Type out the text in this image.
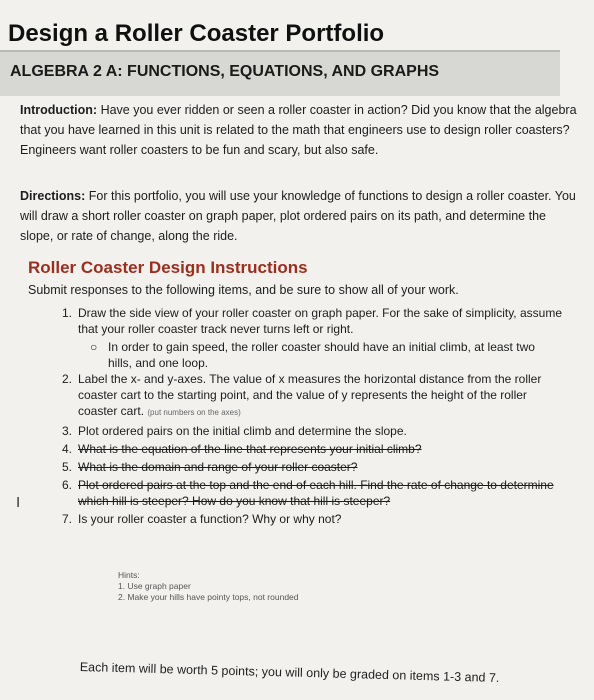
Design a Roller Coaster Portfolio
ALGEBRA 2 A: FUNCTIONS, EQUATIONS, AND GRAPHS
Introduction: Have you ever ridden or seen a roller coaster in action? Did you know that the algebra that you have learned in this unit is related to the math that engineers use to design roller coasters? Engineers want roller coasters to be fun and scary, but also safe.
Directions: For this portfolio, you will use your knowledge of functions to design a roller coaster. You will draw a short roller coaster on graph paper, plot ordered pairs on its path, and determine the slope, or rate of change, along the ride.
Roller Coaster Design Instructions
Submit responses to the following items, and be sure to show all of your work.
1. Draw the side view of your roller coaster on graph paper. For the sake of simplicity, assume that your roller coaster track never turns left or right.
○ In order to gain speed, the roller coaster should have an initial climb, at least two hills, and one loop.
2. Label the x- and y-axes. The value of x measures the horizontal distance from the roller coaster cart to the starting point, and the value of y represents the height of the roller coaster cart. (put numbers on the axes)
3. Plot ordered pairs on the initial climb and determine the slope.
4. What is the equation of the line that represents your initial climb?
5. What is the domain and range of your roller coaster?
6. Plot ordered pairs at the top and the end of each hill. Find the rate of change to determine which hill is steeper? How do you know that hill is steeper?
7. Is your roller coaster a function? Why or why not?
I
Hints:
1. Use graph paper
2. Make your hills have pointy tops, not rounded
Each item will be worth 5 points; you will only be graded on items 1-3 and 7.
